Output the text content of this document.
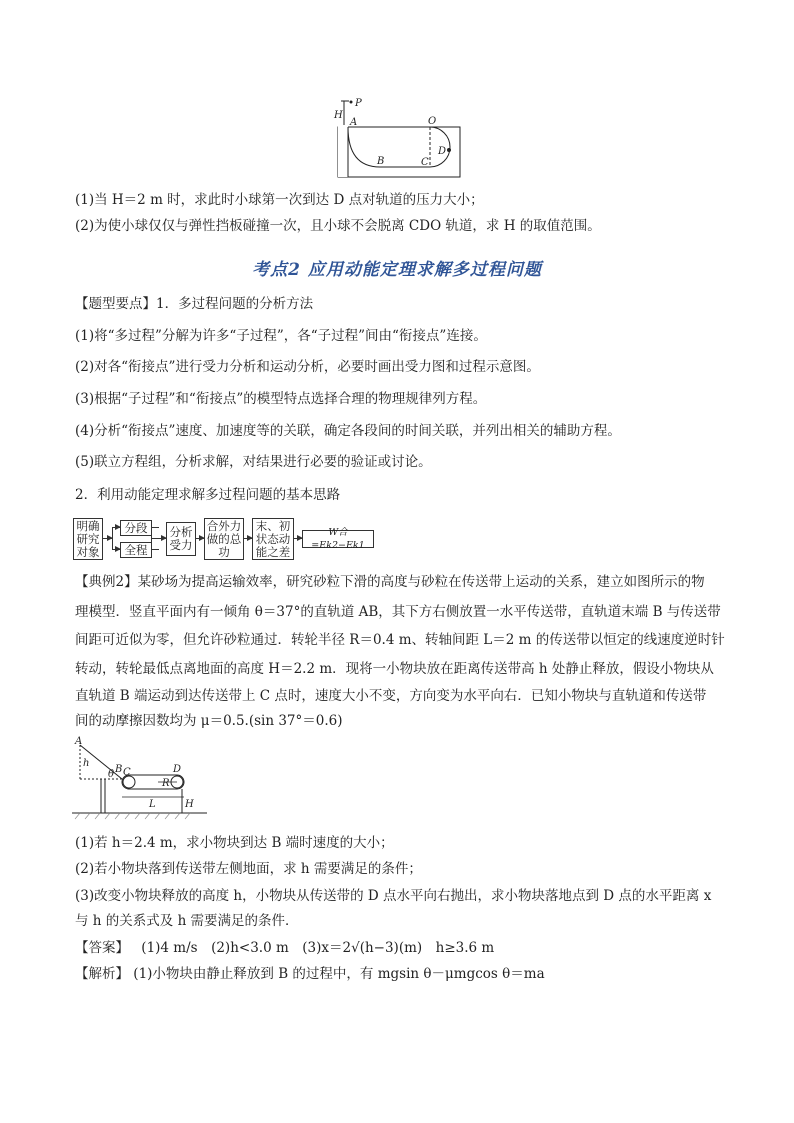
P
H
A	O
B	C
D
(1)当 H＝2 m 时，求此时小球第一次到达 D 点对轨道的压力大小；
(2)为使小球仅仅与弹性挡板碰撞一次，且小球不会脱离 CDO 轨道，求 H 的取值范围。
考点2 应用动能定理求解多过程问题
【题型要点】1．多过程问题的分析方法
(1)将“多过程”分解为许多“子过程”，各“子过程”间由“衔接点”连接。
(2)对各“衔接点”进行受力分析和运动分析，必要时画出受力图和过程示意图。
(3)根据“子过程”和“衔接点”的模型特点选择合理的物理规律列方程。
(4)分析“衔接点”速度、加速度等的关联，确定各段间的时间关联，并列出相关的辅助方程。
(5)联立方程组，分析求解，对结果进行必要的验证或讨论。
2．利用动能定理求解多过程问题的基本思路
明确研究对象
分段
全程
分析受力
合外力做的总功
末、初状态动能之差
W合=Ek2−Ek1
【典例2】某砂场为提高运输效率，研究砂粒下滑的高度与砂粒在传送带上运动的关系，建立如图所示的物
理模型．竖直平面内有一倾角 θ＝37°的直轨道 AB，其下方右侧放置一水平传送带，直轨道末端 B 与传送带
间距可近似为零，但允许砂粒通过．转轮半径 R＝0.4 m、转轴间距 L＝2 m 的传送带以恒定的线速度逆时针
转动，转轮最低点离地面的高度 H＝2.2 m．现将一小物块放在距离传送带高 h 处静止释放，假设小物块从
直轨道 B 端运动到达传送带上 C 点时，速度大小不变，方向变为水平向右．已知小物块与直轨道和传送带
间的动摩擦因数均为 μ＝0.5.(sin 37°＝0.6)
A
h
B C
θ
R
D
L	H
(1)若 h＝2.4 m，求小物块到达 B 端时速度的大小；
(2)若小物块落到传送带左侧地面，求 h 需要满足的条件；
(3)改变小物块释放的高度 h，小物块从传送带的 D 点水平向右抛出，求小物块落地点到 D 点的水平距离 x
与 h 的关系式及 h 需要满足的条件．
【答案】 (1)4 m/s　(2)h<3.0 m　(3)x＝2√(h−3)(m)　h≥3.6 m
【解析】 (1)小物块由静止释放到 B 的过程中，有 mgsin θ－μmgcos θ＝ma
